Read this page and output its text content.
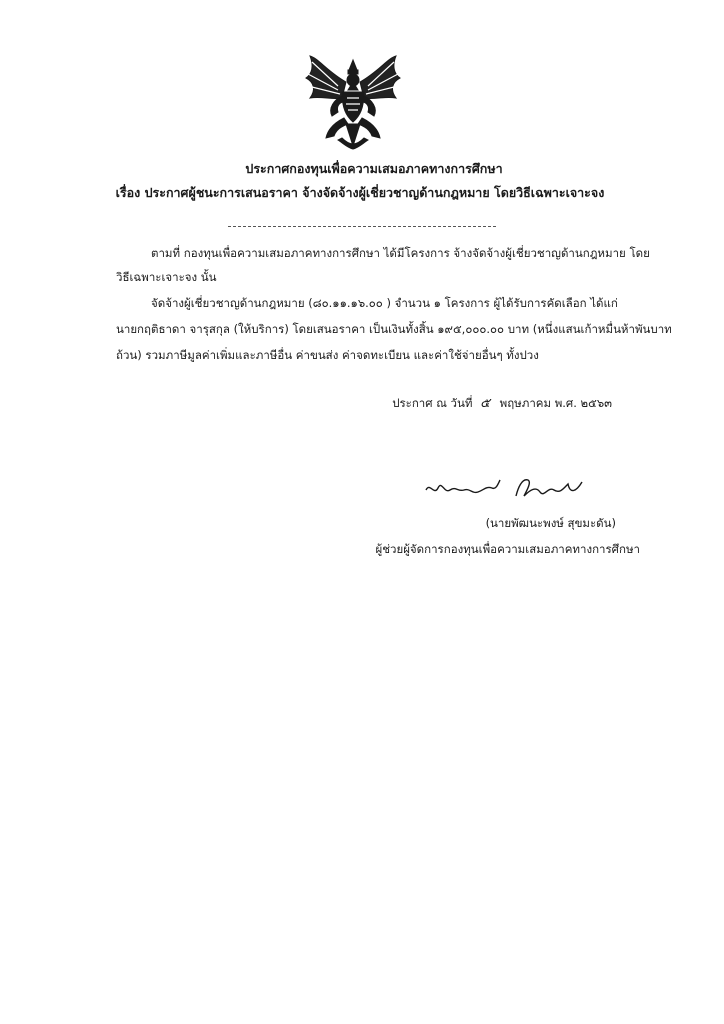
ประกาศกองทุนเพื่อความเสมอภาคทางการศึกษา
เรื่อง ประกาศผู้ชนะการเสนอราคา จ้างจัดจ้างผู้เชี่ยวชาญด้านกฎหมาย โดยวิธีเฉพาะเจาะจง
ตามที่ กองทุนเพื่อความเสมอภาคทางการศึกษา ได้มีโครงการ จ้างจัดจ้างผู้เชี่ยวชาญด้านกฎหมาย โดย
วิธีเฉพาะเจาะจง นั้น
จัดจ้างผู้เชี่ยวชาญด้านกฎหมาย (๘๐.๑๑.๑๖.๐๐ ) จำนวน ๑ โครงการ ผู้ได้รับการคัดเลือก ได้แก่
นายกฤติธาดา จารุสกุล (ให้บริการ) โดยเสนอราคา เป็นเงินทั้งสิ้น ๑๙๕,๐๐๐.๐๐ บาท (หนึ่งแสนเก้าหมื่นห้าพันบาท
ถ้วน) รวมภาษีมูลค่าเพิ่มและภาษีอื่น ค่าขนส่ง ค่าจดทะเบียน และค่าใช้จ่ายอื่นๆ ทั้งปวง
ประกาศ ณ วันที่ ๕ พฤษภาคม พ.ศ. ๒๕๖๓
(นายพัฒนะพงษ์ สุขมะดัน)
ผู้ช่วยผู้จัดการกองทุนเพื่อความเสมอภาคทางการศึกษา
